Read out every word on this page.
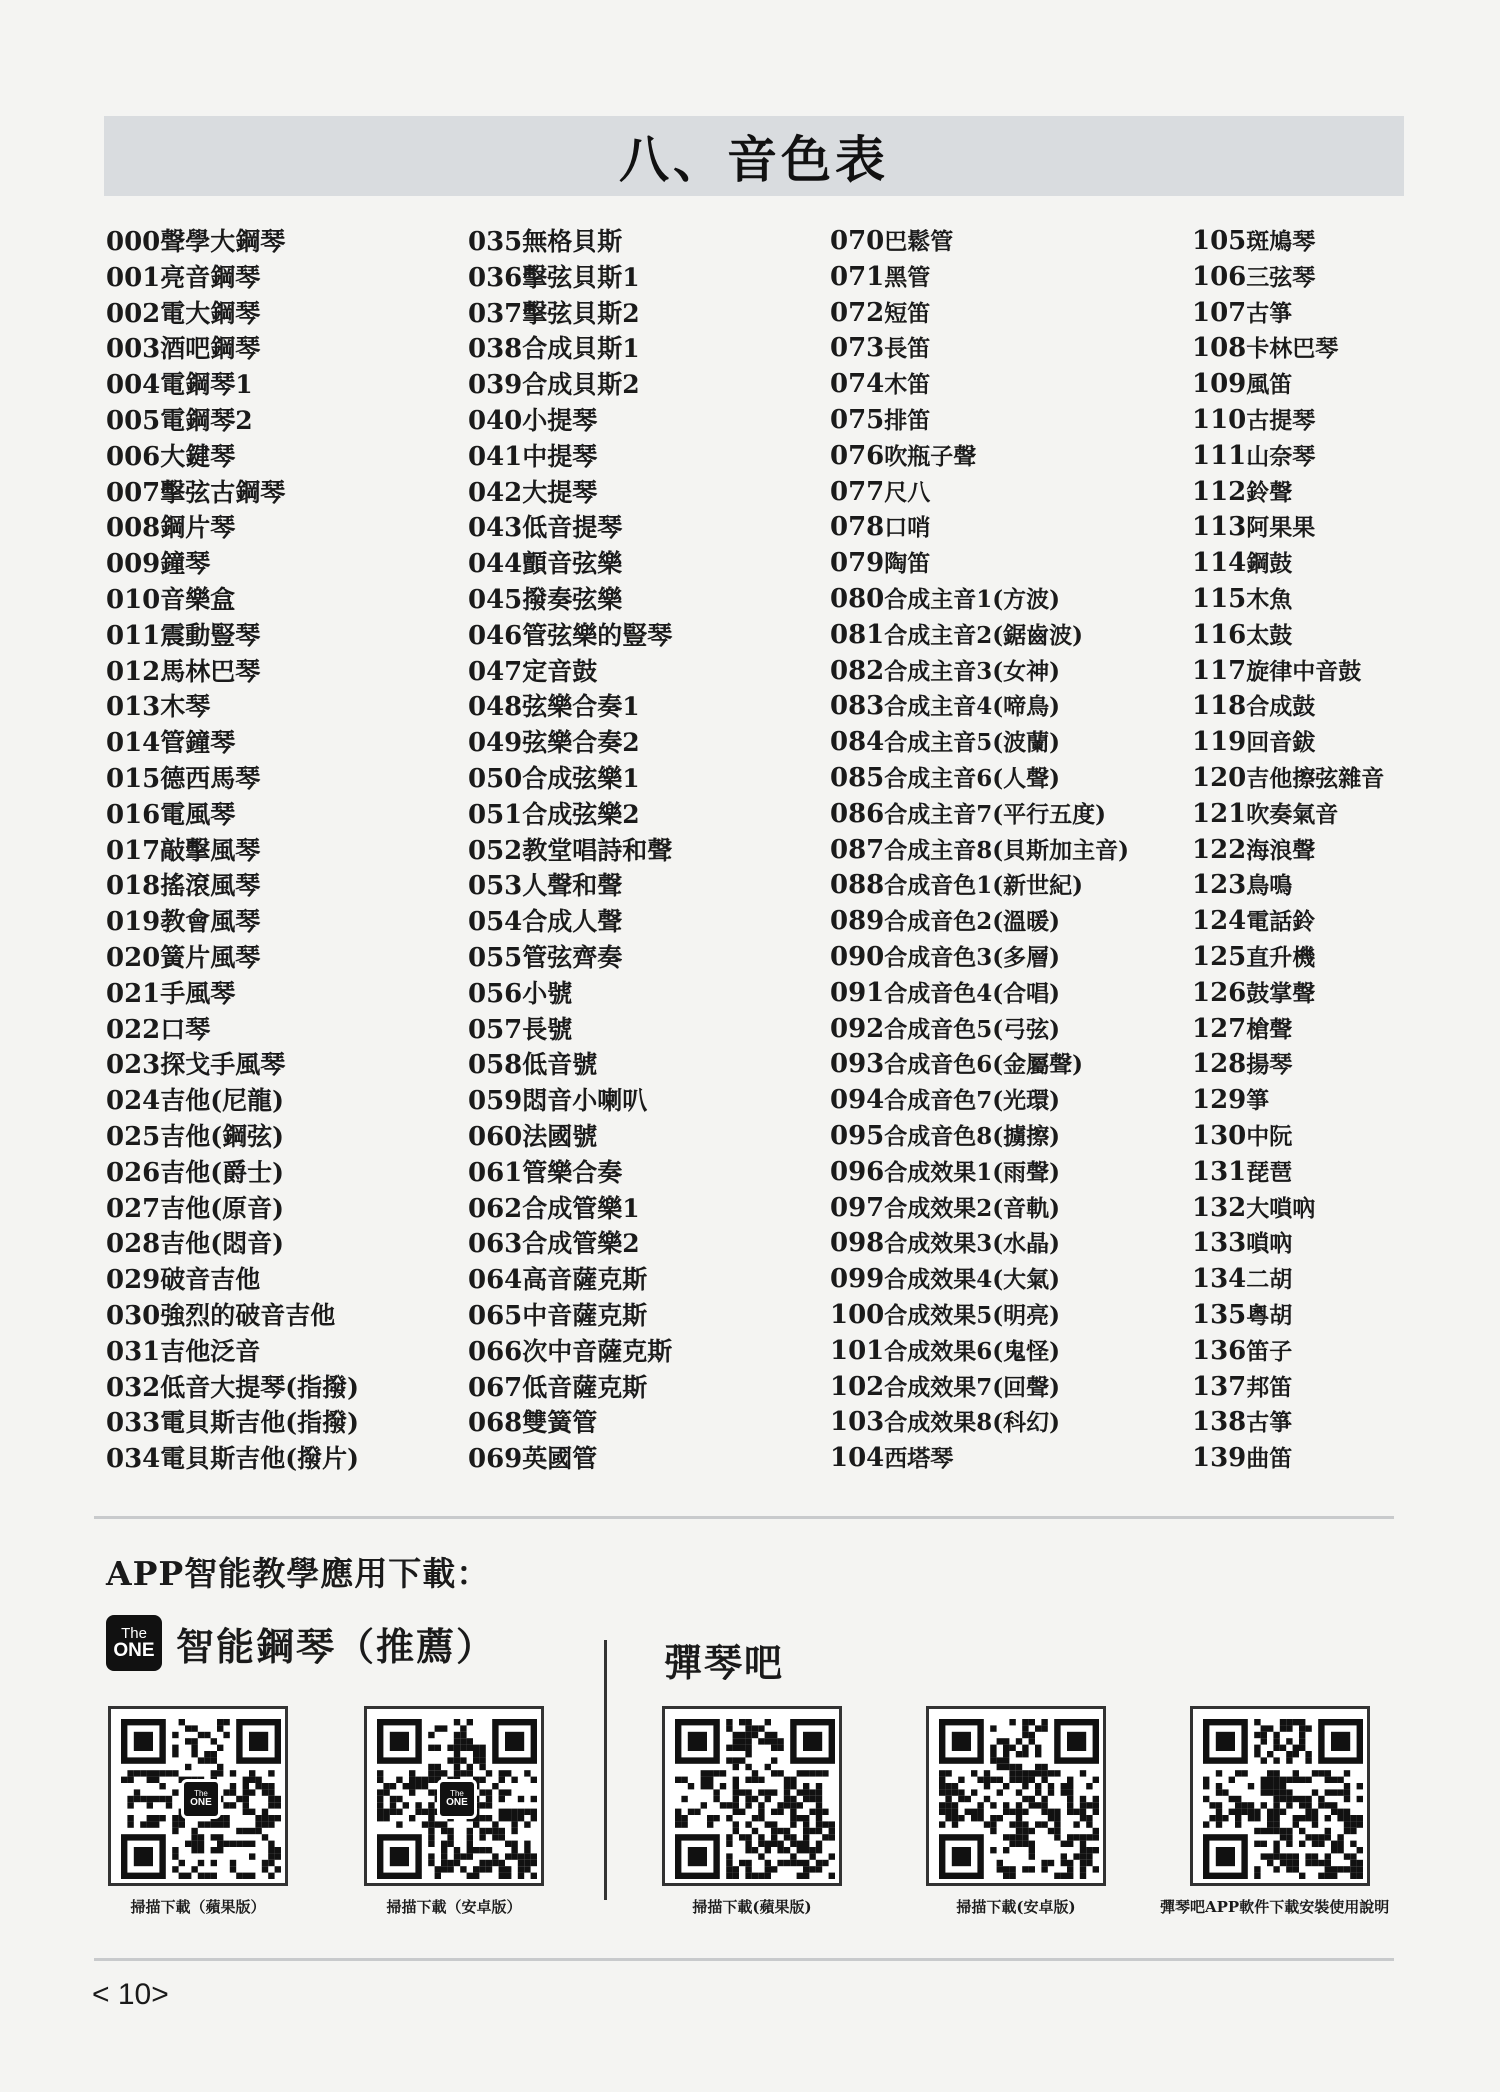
八、音色表
000聲學大鋼琴
001亮音鋼琴
002電大鋼琴
003酒吧鋼琴
004電鋼琴1
005電鋼琴2
006大鍵琴
007擊弦古鋼琴
008鋼片琴
009鐘琴
010音樂盒
011震動豎琴
012馬林巴琴
013木琴
014管鐘琴
015德西馬琴
016電風琴
017敲擊風琴
018搖滾風琴
019教會風琴
020簧片風琴
021手風琴
022口琴
023探戈手風琴
024吉他(尼龍)
025吉他(鋼弦)
026吉他(爵士)
027吉他(原音)
028吉他(悶音)
029破音吉他
030強烈的破音吉他
031吉他泛音
032低音大提琴(指撥)
033電貝斯吉他(指撥)
034電貝斯吉他(撥片)
035無格貝斯
036擊弦貝斯1
037擊弦貝斯2
038合成貝斯1
039合成貝斯2
040小提琴
041中提琴
042大提琴
043低音提琴
044顫音弦樂
045撥奏弦樂
046管弦樂的豎琴
047定音鼓
048弦樂合奏1
049弦樂合奏2
050合成弦樂1
051合成弦樂2
052教堂唱詩和聲
053人聲和聲
054合成人聲
055管弦齊奏
056小號
057長號
058低音號
059悶音小喇叭
060法國號
061管樂合奏
062合成管樂1
063合成管樂2
064高音薩克斯
065中音薩克斯
066次中音薩克斯
067低音薩克斯
068雙簧管
069英國管
070巴鬆管
071黑管
072短笛
073長笛
074木笛
075排笛
076吹瓶子聲
077尺八
078口哨
079陶笛
080合成主音1(方波)
081合成主音2(鋸齒波)
082合成主音3(女神)
083合成主音4(啼鳥)
084合成主音5(波蘭)
085合成主音6(人聲)
086合成主音7(平行五度)
087合成主音8(貝斯加主音)
088合成音色1(新世紀)
089合成音色2(溫暖)
090合成音色3(多層)
091合成音色4(合唱)
092合成音色5(弓弦)
093合成音色6(金屬聲)
094合成音色7(光環)
095合成音色8(擄擦)
096合成效果1(雨聲)
097合成效果2(音軌)
098合成效果3(水晶)
099合成效果4(大氣)
100合成效果5(明亮)
101合成效果6(鬼怪)
102合成效果7(回聲)
103合成效果8(科幻)
104西塔琴
105斑鳩琴
106三弦琴
107古箏
108卡林巴琴
109風笛
110古提琴
111山奈琴
112鈴聲
113阿果果
114鋼鼓
115木魚
116太鼓
117旋律中音鼓
118合成鼓
119回音鈸
120吉他擦弦雜音
121吹奏氣音
122海浪聲
123鳥鳴
124電話鈴
125直升機
126鼓掌聲
127槍聲
128揚琴
129箏
130中阮
131琵琶
132大嗩吶
133嗩吶
134二胡
135粵胡
136笛子
137邦笛
138古箏
139曲笛
APP智能教學應用下載：
The
ONE 智能鋼琴（推薦）	彈琴吧
The
ONE
掃描下載（蘋果版）
The
ONE
掃描下載（安卓版）	掃描下載(蘋果版)	掃描下載(安卓版)	彈琴吧APP軟件下載安裝使用說明
< 10>
